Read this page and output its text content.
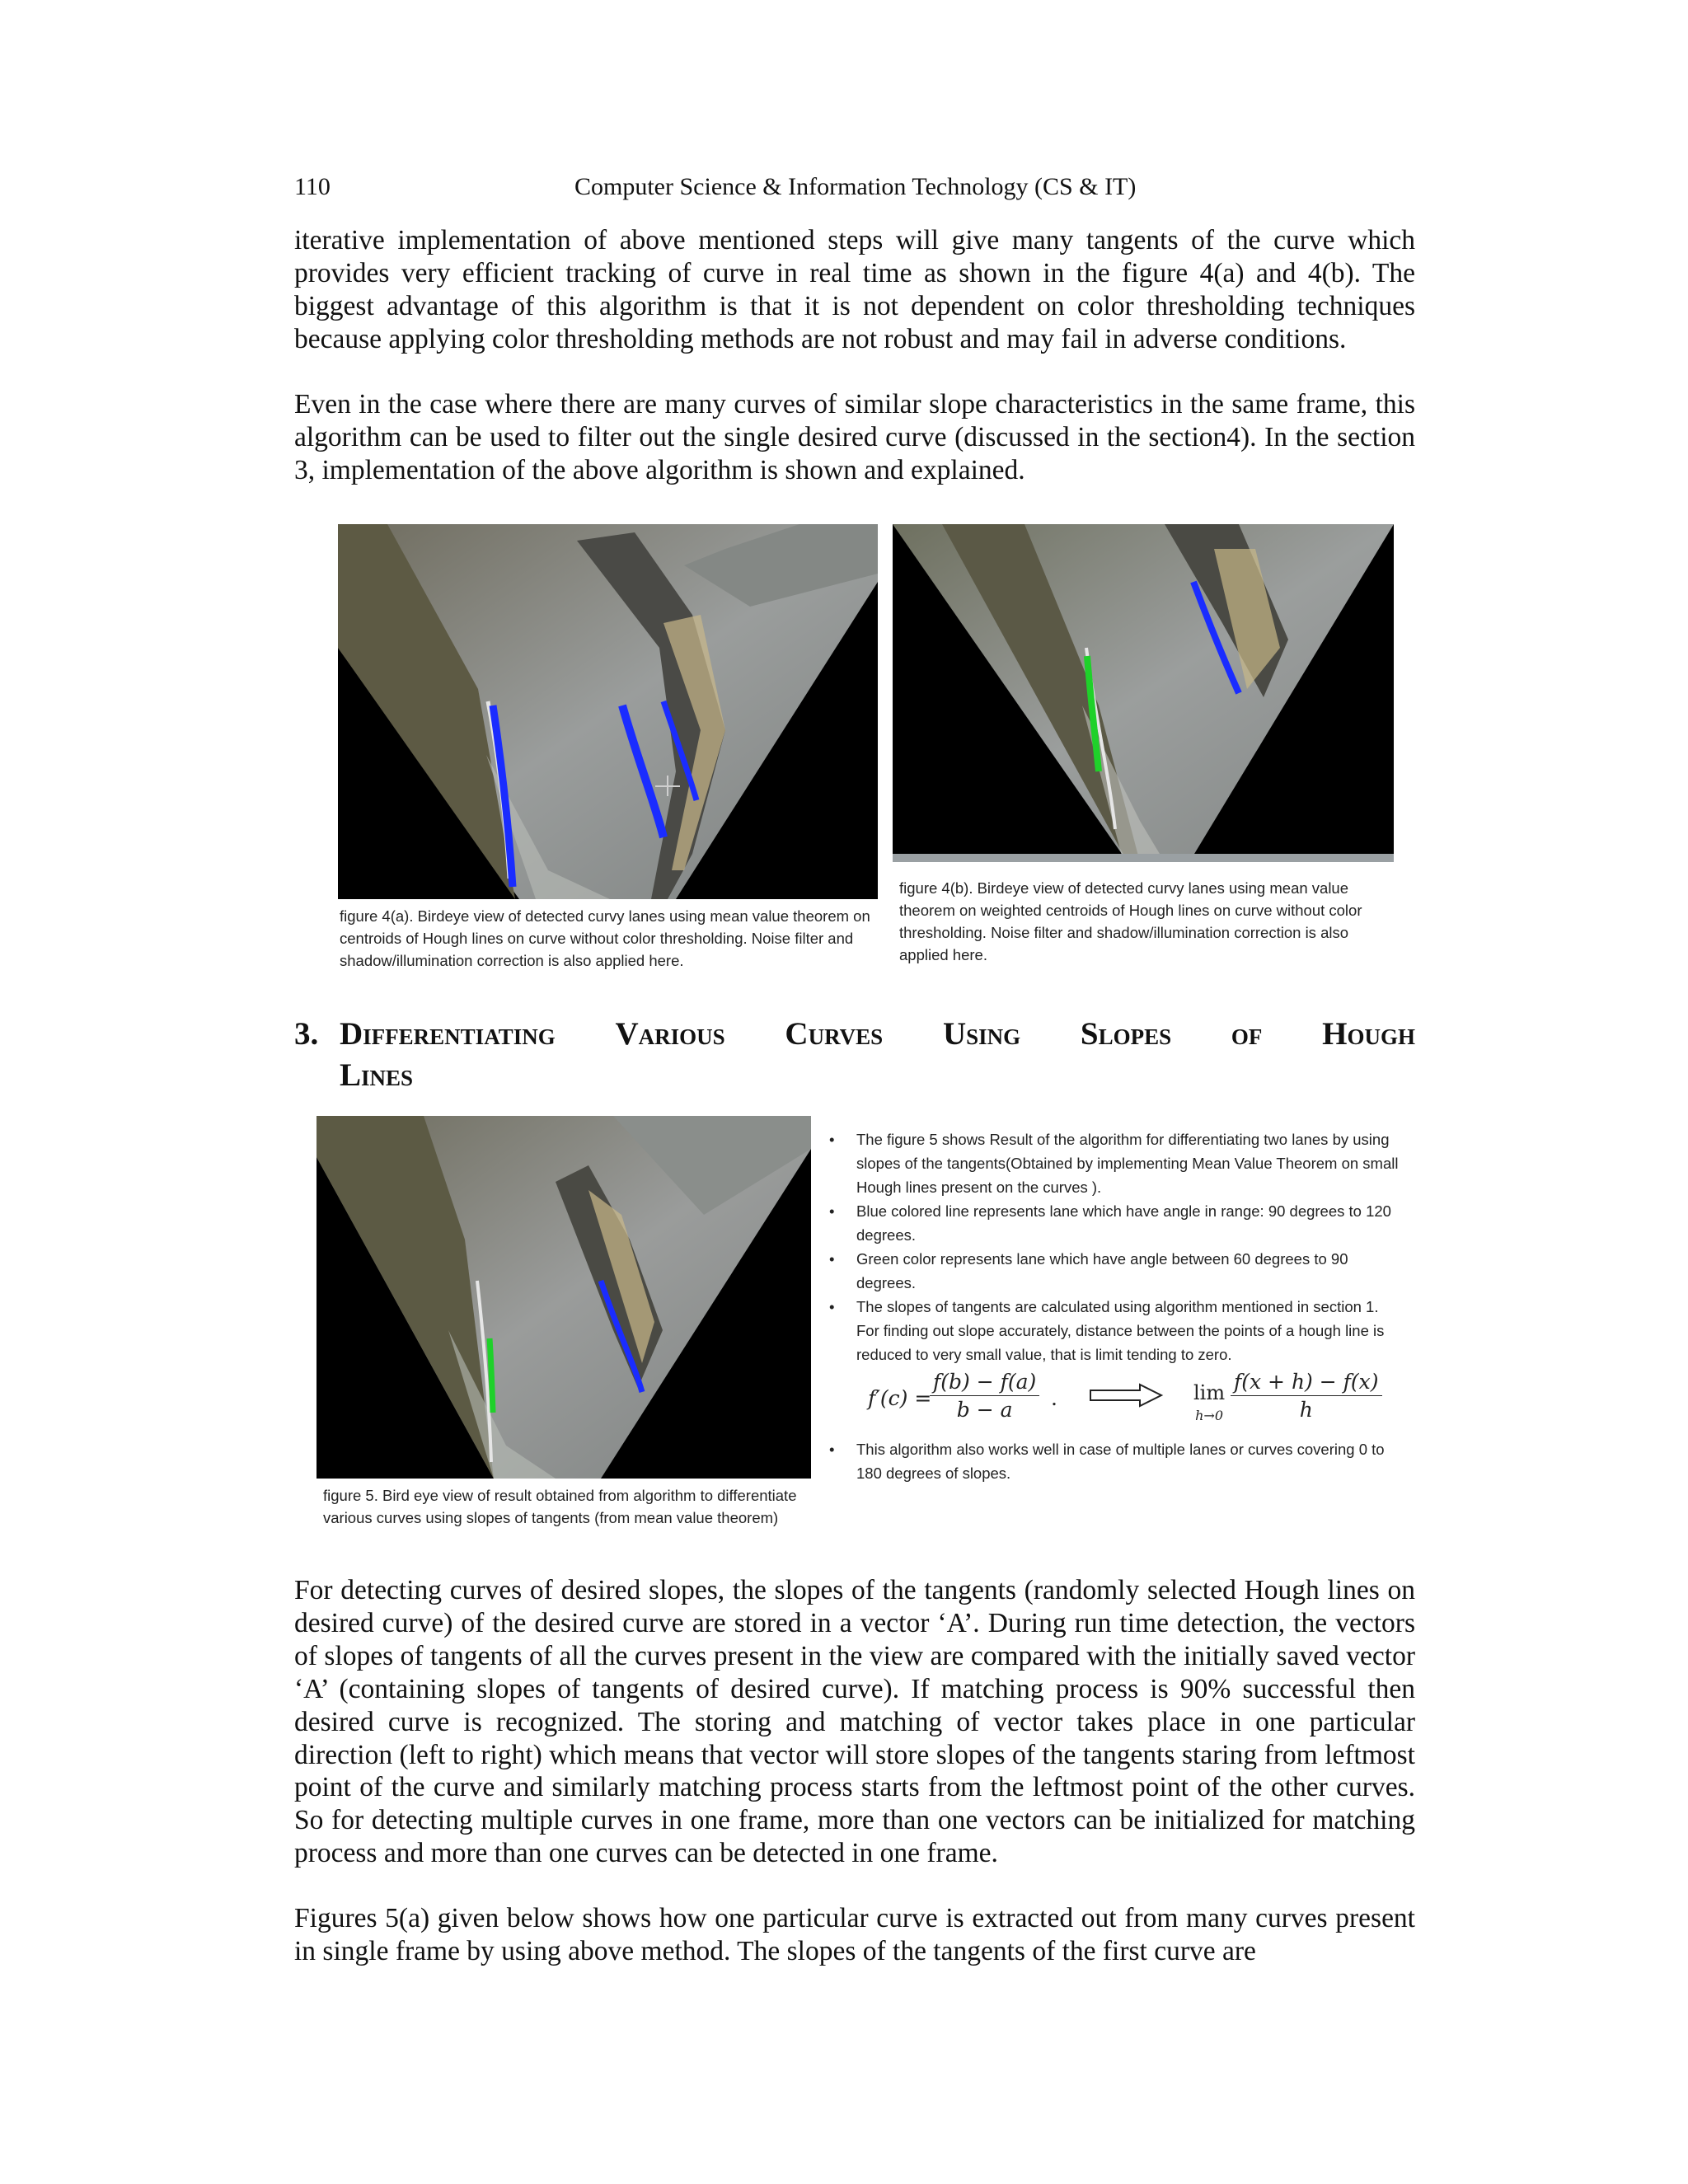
110	Computer Science & Information Technology (CS & IT)

iterative implementation of above mentioned steps will give many tangents of the curve which provides very efficient tracking of curve in real time as shown in the figure 4(a) and 4(b). The biggest advantage of this algorithm is that it is not dependent on color thresholding techniques because applying color thresholding methods are not robust and may fail in adverse conditions.

Even in the case where there are many curves of similar slope characteristics in the same frame, this algorithm can be used to filter out the single desired curve (discussed in the section4). In the section 3, implementation of the above algorithm is shown and explained.

figure 4(a). Birdeye view of detected curvy lanes using mean value theorem on centroids of Hough lines on curve without color thresholding. Noise filter and shadow/illumination correction is also applied here.
figure 4(b). Birdeye view of detected curvy lanes using mean value theorem on weighted centroids of Hough lines on curve without color thresholding. Noise filter and shadow/illumination correction is also applied here.
3. Differentiating Various Curves Using Slopes of Hough
Lines
figure 5. Bird eye view of result obtained from algorithm to differentiate various curves using slopes of tangents (from mean value theorem)
• The figure 5 shows Result of the algorithm for differentiating two lanes by using slopes of the tangents(Obtained by implementing Mean Value Theorem on small Hough lines present on the curves ).
• Blue colored line represents lane which have angle in range: 90 degrees to 120 degrees.
• Green color represents lane which have angle between 60 degrees to 90 degrees.
• The slopes of tangents are calculated using algorithm mentioned in section 1. For finding out slope accurately, distance between the points of a hough line is reduced to very small value, that is limit tending to zero.
f′(c) =
$\frac{f(b) - f(a)}{b - a}$ .	lim
$h\to 0 \frac{f(x + h) - f(x)}{h}$
• This algorithm also works well in case of multiple lanes or curves covering 0 to 180 degrees of slopes.

For detecting curves of desired slopes, the slopes of the tangents (randomly selected Hough lines on desired curve) of the desired curve are stored in a vector ‘A’. During run time detection, the vectors of slopes of tangents of all the curves present in the view are compared with the initially saved vector ‘A’ (containing slopes of tangents of desired curve). If matching process is 90% successful then desired curve is recognized. The storing and matching of vector takes place in one particular direction (left to right) which means that vector will store slopes of the tangents staring from leftmost point of the curve and similarly matching process starts from the leftmost point of the other curves. So for detecting multiple curves in one frame, more than one vectors can be initialized for matching process and more than one curves can be detected in one frame.

Figures 5(a) given below shows how one particular curve is extracted out from many curves present in single frame by using above method. The slopes of the tangents of the first curve are
